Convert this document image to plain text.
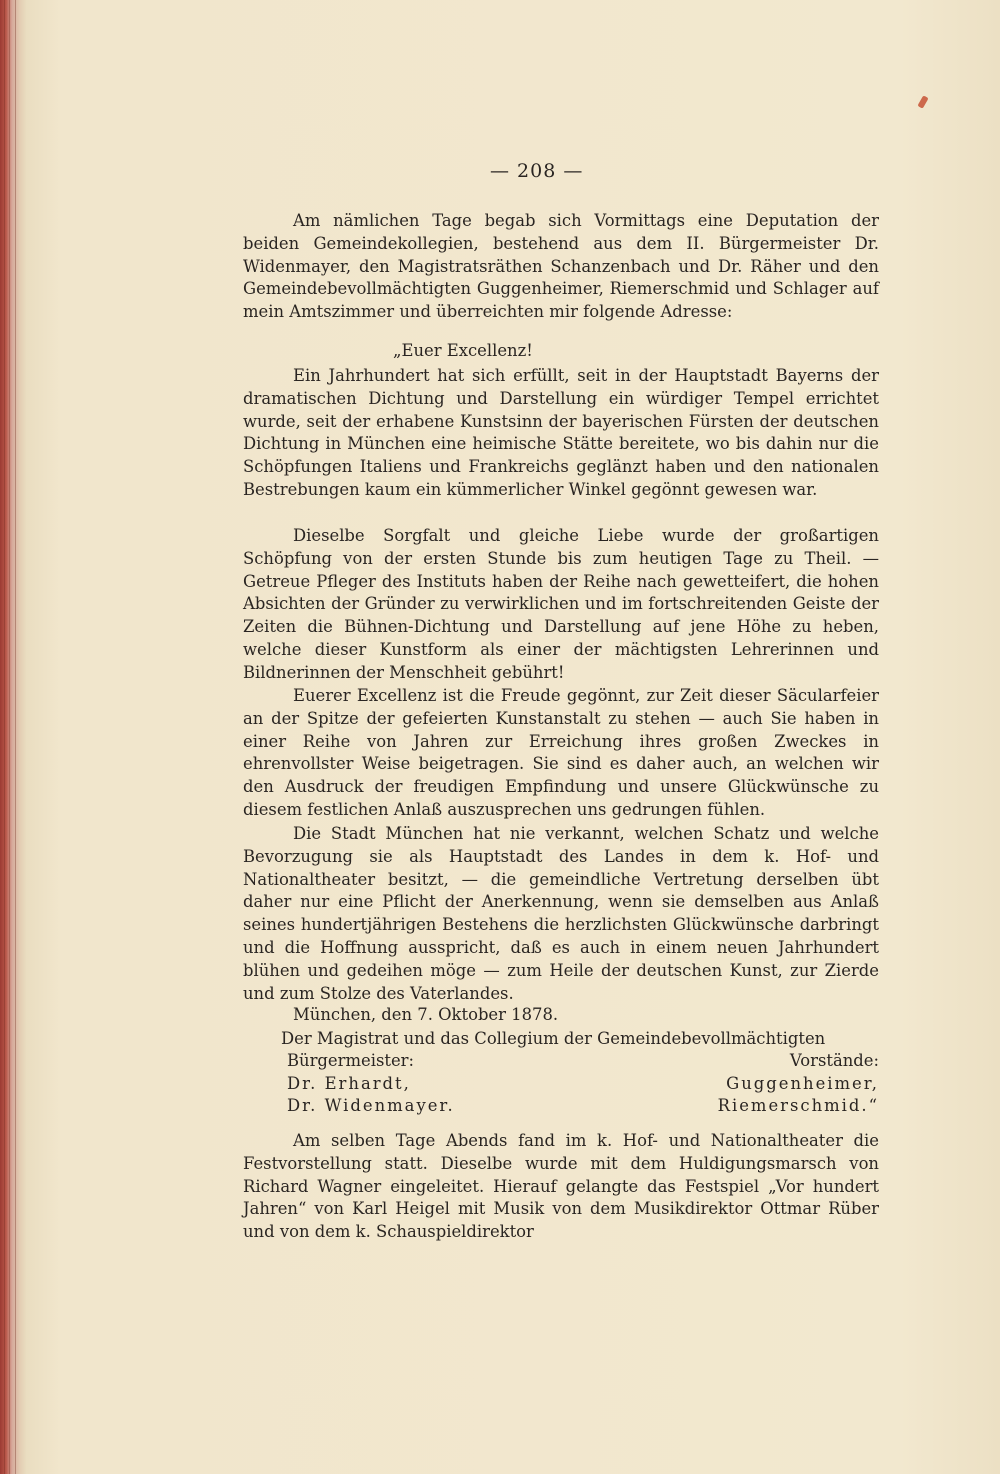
— 208 —

Am nämlichen Tage begab sich Vormittags eine Deputation der beiden Gemeindekollegien, bestehend aus dem II. Bürgermeister Dr. Widenmayer, den Magistratsräthen Schanzenbach und Dr. Räher und den Gemeindebevollmächtigten Guggenheimer, Riemerschmid und Schlager auf mein Amtszimmer und überreichten mir folgende Adresse:

„Euer Excellenz!

Ein Jahrhundert hat sich erfüllt, seit in der Hauptstadt Bayerns der dramatischen Dichtung und Darstellung ein würdiger Tempel errichtet wurde, seit der erhabene Kunstsinn der bayerischen Fürsten der deutschen Dichtung in München eine heimische Stätte bereitete, wo bis dahin nur die Schöpfungen Italiens und Frankreichs geglänzt haben und den nationalen Bestrebungen kaum ein kümmerlicher Winkel gegönnt gewesen war.

Dieselbe Sorgfalt und gleiche Liebe wurde der großartigen Schöpfung von der ersten Stunde bis zum heutigen Tage zu Theil. — Getreue Pfleger des Instituts haben der Reihe nach gewetteifert, die hohen Absichten der Gründer zu verwirklichen und im fortschreitenden Geiste der Zeiten die Bühnen-Dichtung und Darstellung auf jene Höhe zu heben, welche dieser Kunstform als einer der mächtigsten Lehrerinnen und Bildnerinnen der Menschheit gebührt!

Euerer Excellenz ist die Freude gegönnt, zur Zeit dieser Säcularfeier an der Spitze der gefeierten Kunstanstalt zu stehen — auch Sie haben in einer Reihe von Jahren zur Erreichung ihres großen Zweckes in ehrenvollster Weise beigetragen. Sie sind es daher auch, an welchen wir den Ausdruck der freudigen Empfindung und unsere Glückwünsche zu diesem festlichen Anlaß auszusprechen uns gedrungen fühlen.

Die Stadt München hat nie verkannt, welchen Schatz und welche Bevorzugung sie als Hauptstadt des Landes in dem k. Hof- und Nationaltheater besitzt, — die gemeindliche Vertretung derselben übt daher nur eine Pflicht der Anerkennung, wenn sie demselben aus Anlaß seines hundertjährigen Bestehens die herzlichsten Glückwünsche darbringt und die Hoffnung ausspricht, daß es auch in einem neuen Jahrhundert blühen und gedeihen möge — zum Heile der deutschen Kunst, zur Zierde und zum Stolze des Vaterlandes.

München, den 7. Oktober 1878.

Der Magistrat und das Collegium der Gemeindebevollmächtigten

Bürgermeister:
Dr. Erhardt,
Dr. Widenmayer.
Vorstände:
Guggenheimer,
Riemerschmid.“

Am selben Tage Abends fand im k. Hof- und Nationaltheater die Festvorstellung statt. Dieselbe wurde mit dem Huldigungsmarsch von Richard Wagner eingeleitet. Hierauf gelangte das Festspiel „Vor hundert Jahren“ von Karl Heigel mit Musik von dem Musikdirektor Ottmar Rüber und von dem k. Schauspieldirektor
